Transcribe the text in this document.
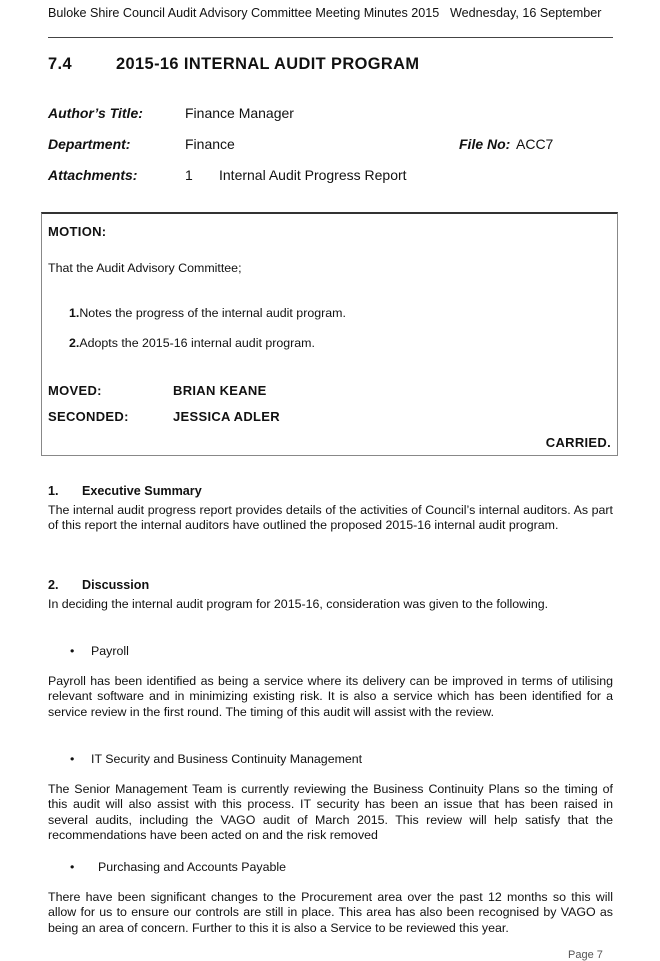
Buloke Shire Council Audit Advisory Committee Meeting Minutes 2015 Wednesday, 16 September
7.4	2015-16 INTERNAL AUDIT PROGRAM
Author’s Title:	Finance Manager
Department:	Finance	File No: ACC7
Attachments:	1 Internal Audit Progress Report
MOTION:
That the Audit Advisory Committee;
1.Notes the progress of the internal audit program.
2.Adopts the 2015-16 internal audit program.
MOVED:	BRIAN KEANE
SECONDED:	JESSICA ADLER
CARRIED.
1. Executive Summary
The internal audit progress report provides details of the activities of Council’s internal auditors. As part of this report the internal auditors have outlined the proposed 2015-16 internal audit program.
2. Discussion
In deciding the internal audit program for 2015-16, consideration was given to the following.
• Payroll
Payroll has been identified as being a service where its delivery can be improved in terms of utilising relevant software and in minimizing existing risk. It is also a service which has been identified for a service review in the first round. The timing of this audit will assist with the review.
• IT Security and Business Continuity Management
The Senior Management Team is currently reviewing the Business Continuity Plans so the timing of this audit will also assist with this process. IT security has been an issue that has been raised in several audits, including the VAGO audit of March 2015. This review will help satisfy that the recommendations have been acted on and the risk removed
• Purchasing and Accounts Payable
There have been significant changes to the Procurement area over the past 12 months so this will allow for us to ensure our controls are still in place. This area has also been recognised by VAGO as being an area of concern. Further to this it is also a Service to be reviewed this year.
Page 7
